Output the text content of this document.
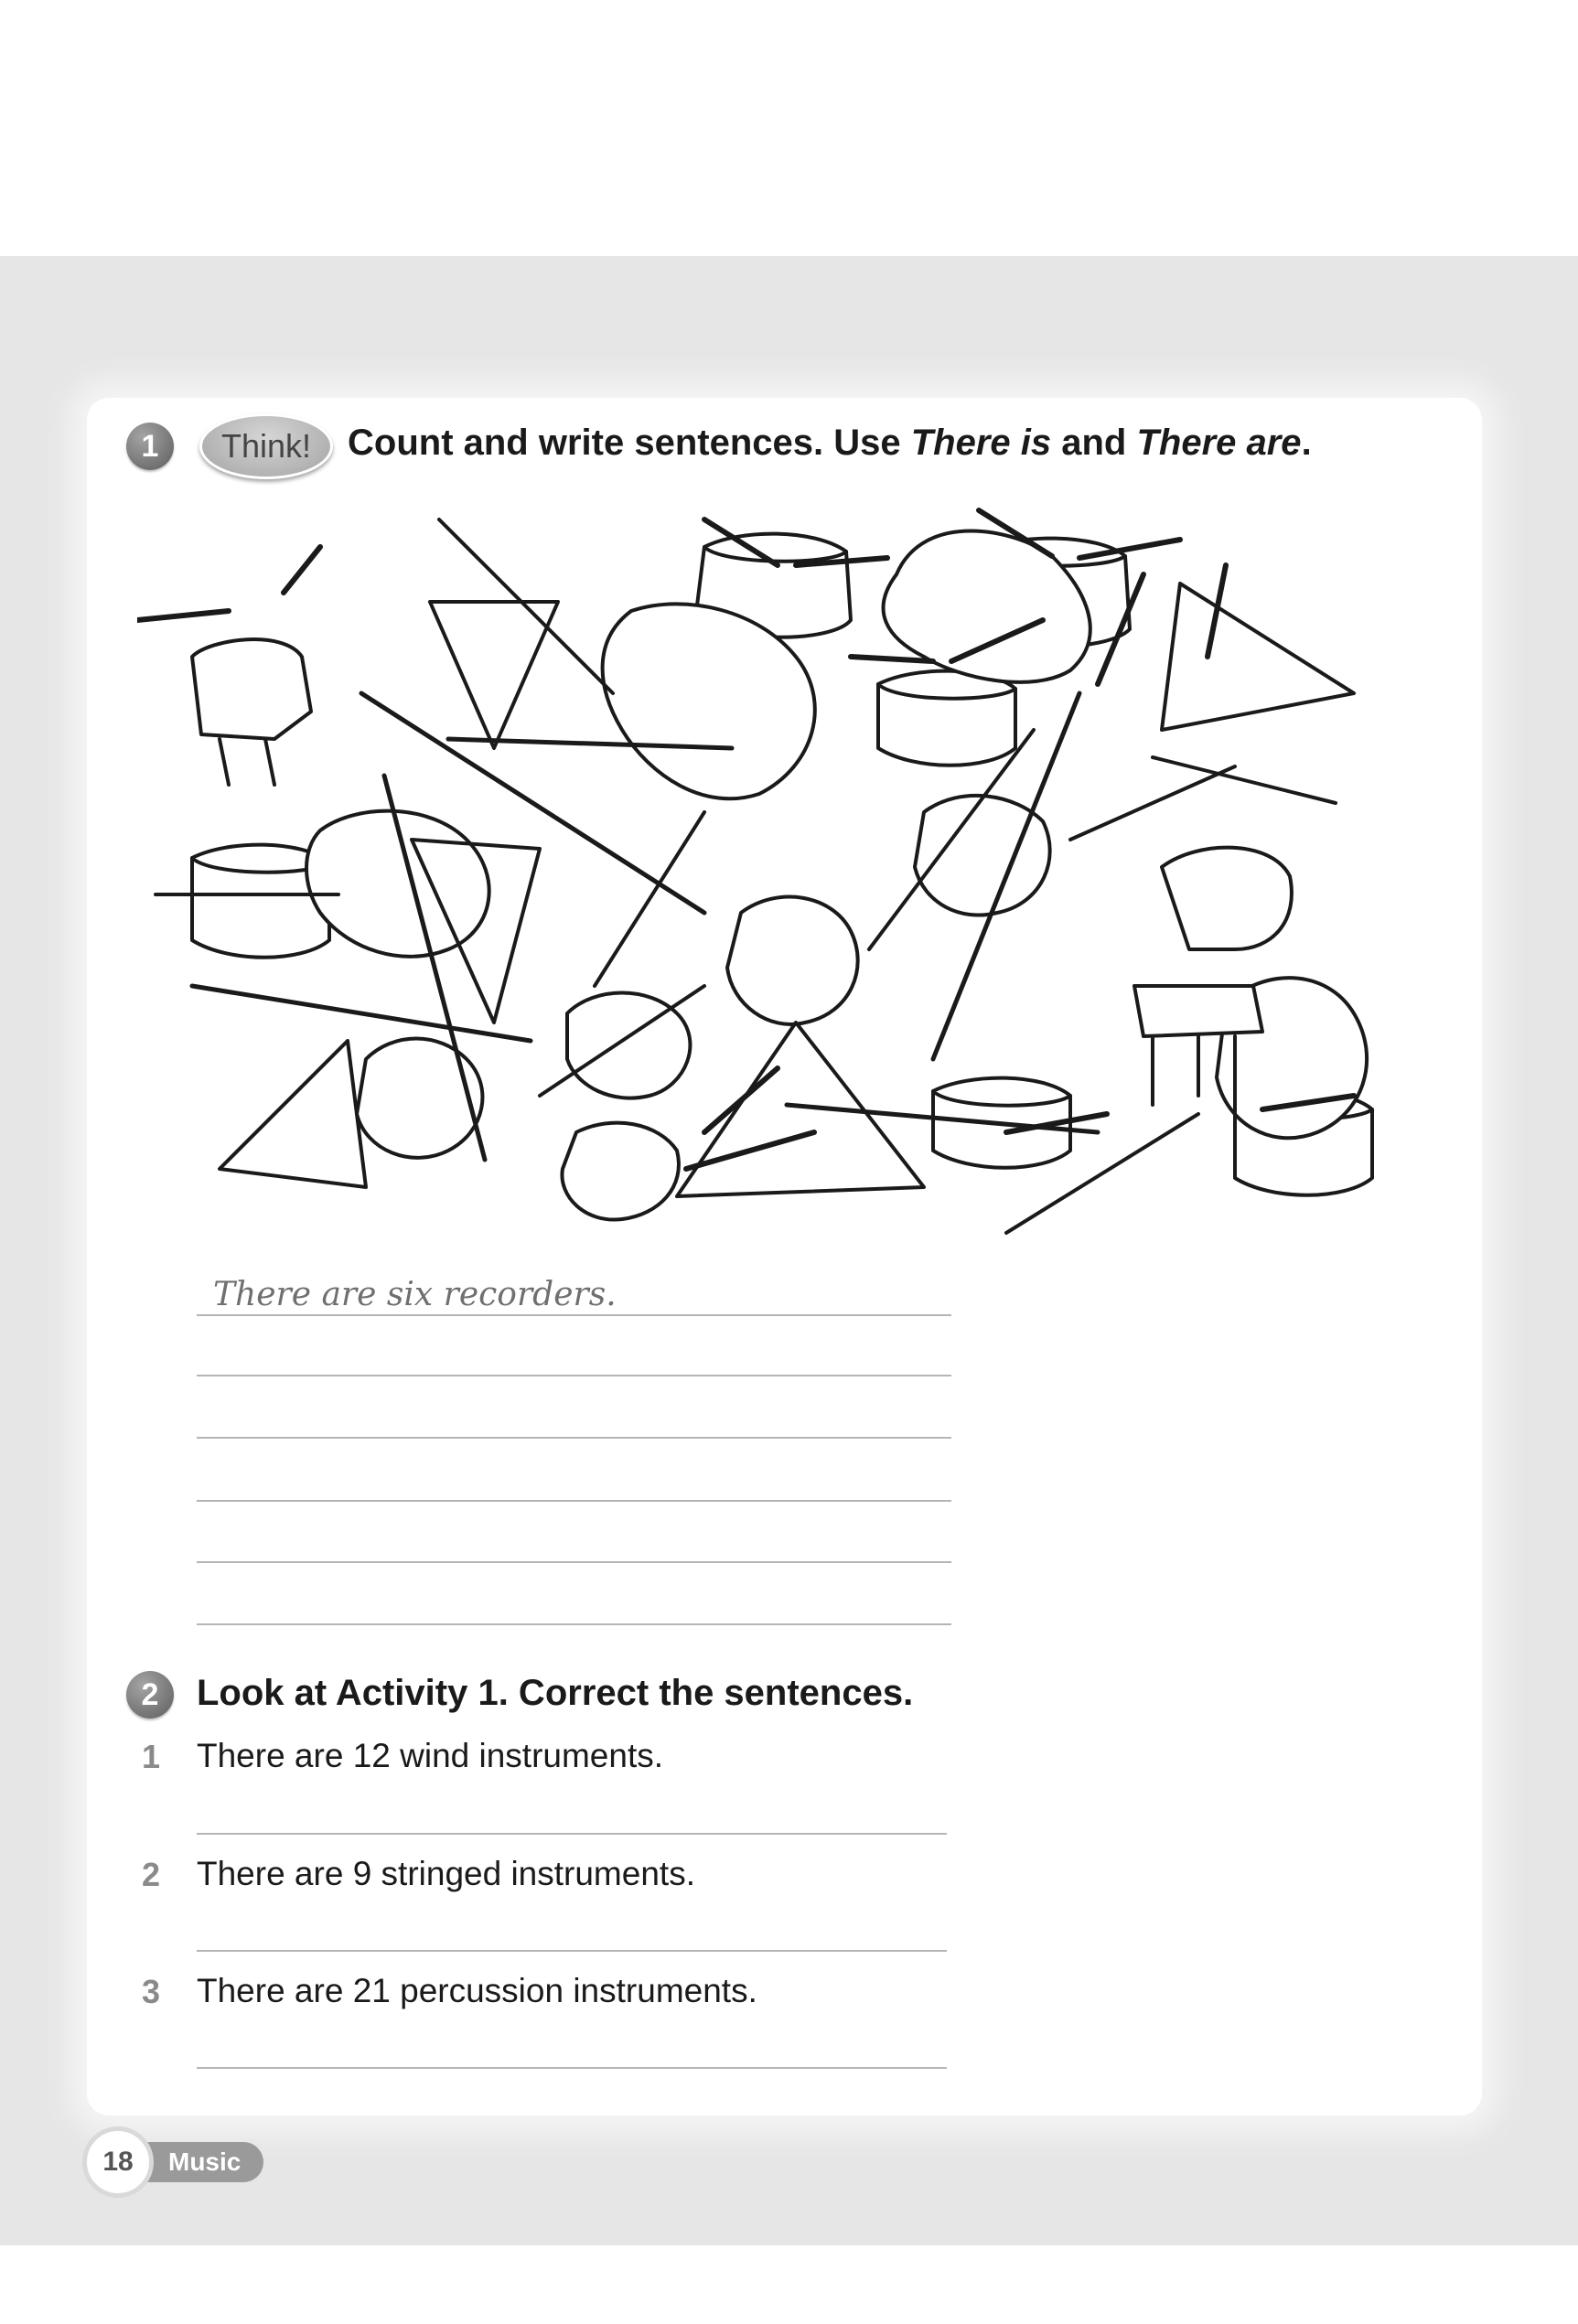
1	Think! Count and write sentences. Use There is and There are.
There are six recorders.
2	Look at Activity 1. Correct the sentences.
1 There are 12 wind instruments.
2 There are 9 stringed instruments.
3 There are 21 percussion instruments.
Music
18
